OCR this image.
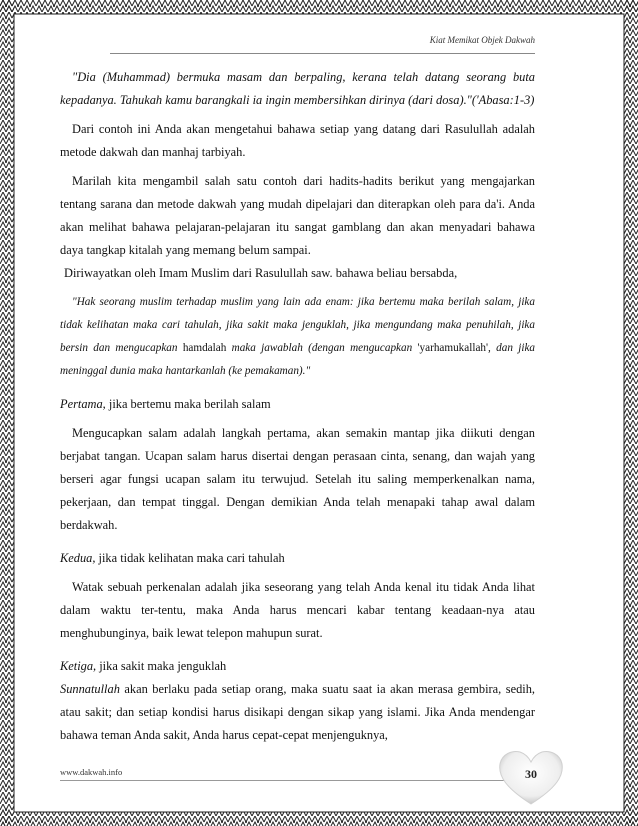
Kiat Memikat Objek Dakwah

"Dia (Muhammad) bermuka masam dan berpaling, kerana telah datang seorang buta kepadanya. Tahukah kamu barangkali ia ingin membersihkan dirinya (dari dosa)."('Abasa:1-3)

Dari contoh ini Anda akan mengetahui bahawa setiap yang datang dari Rasulullah adalah metode dakwah dan manhaj tarbiyah.

Marilah kita mengambil salah satu contoh dari hadits-hadits berikut yang mengajarkan tentang sarana dan metode dakwah yang mudah dipelajari dan diterapkan oleh para da'i. Anda akan melihat bahawa pelajaran-pelajaran itu sangat gamblang dan akan menyadari bahawa daya tangkap kitalah yang memang belum sampai.

Diriwayatkan oleh Imam Muslim dari Rasulullah saw. bahawa beliau bersabda,

"Hak seorang muslim terhadap muslim yang lain ada enam: jika bertemu maka berilah salam, jika tidak kelihatan maka cari tahulah, jika sakit maka jenguklah, jika mengundang maka penuhilah, jika bersin dan mengucapkan hamdalah maka jawablah (dengan mengucapkan 'yarhamukallah', dan jika meninggal dunia maka hantarkanlah (ke pemakaman)."

Pertama, jika bertemu maka berilah salam

Mengucapkan salam adalah langkah pertama, akan semakin mantap jika diikuti dengan berjabat tangan. Ucapan salam harus disertai dengan perasaan cinta, senang, dan wajah yang berseri agar fungsi ucapan salam itu terwujud. Setelah itu saling memperkenalkan nama, pekerjaan, dan tempat tinggal. Dengan demikian Anda telah menapaki tahap awal dalam berdakwah.

Kedua, jika tidak kelihatan maka cari tahulah

Watak sebuah perkenalan adalah jika seseorang yang telah Anda kenal itu tidak Anda lihat dalam waktu ter-tentu, maka Anda harus mencari kabar tentang keadaan-nya atau menghubunginya, baik lewat telepon mahupun surat.

Ketiga, jika sakit maka jenguklah

Sunnatullah akan berlaku pada setiap orang, maka suatu saat ia akan merasa gembira, sedih, atau sakit; dan setiap kondisi harus disikapi dengan sikap yang islami. Jika Anda mendengar bahawa teman Anda sakit, Anda harus cepat-cepat menjenguknya,

www.dakwah.info	30
